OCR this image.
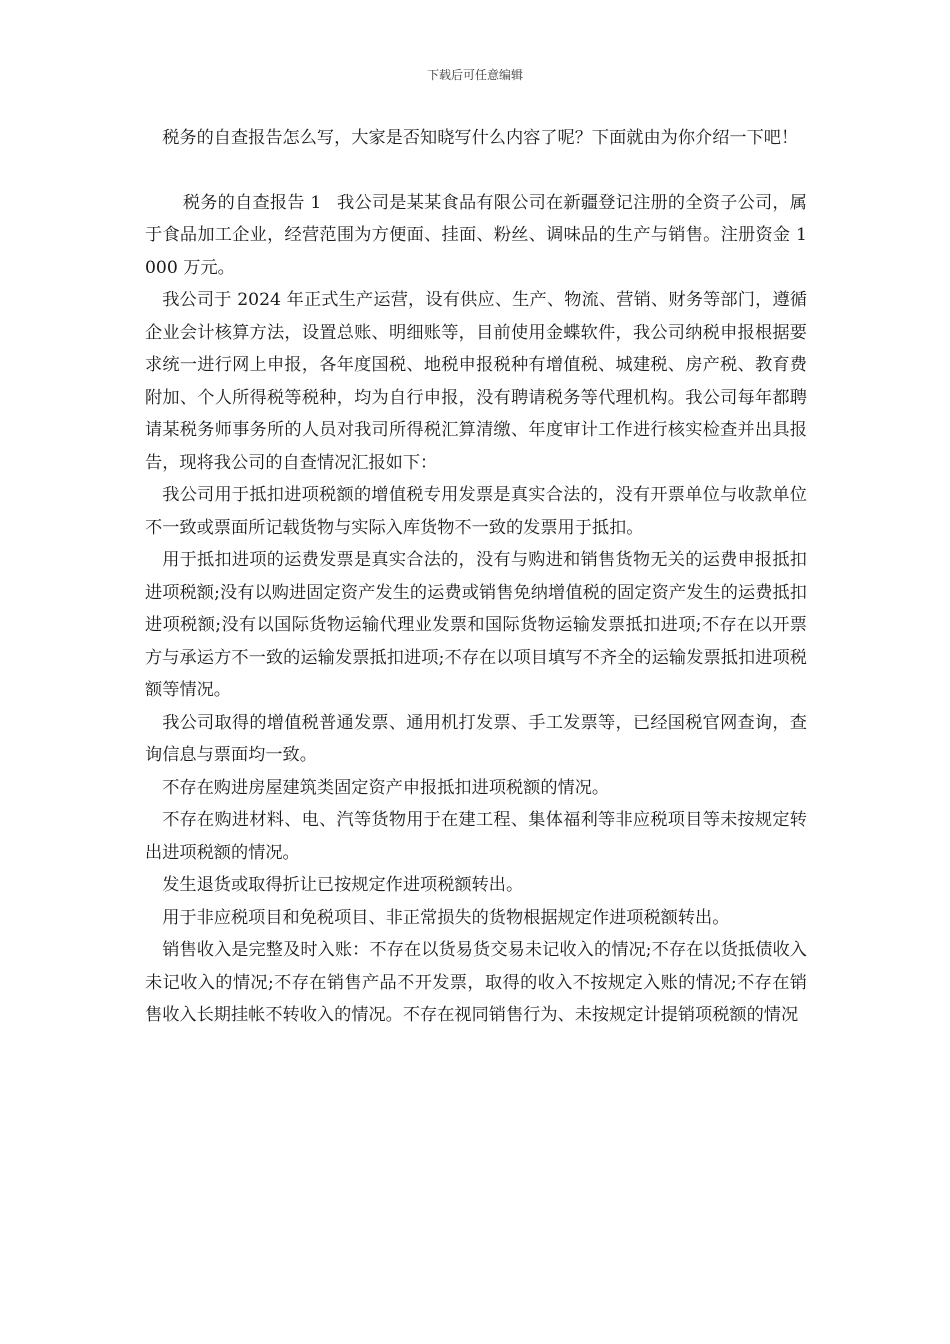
下载后可任意编辑

税务的自查报告怎么写，大家是否知晓写什么内容了呢？下面就由为你介绍一下吧！

税务的自查报告 1 我公司是某某食品有限公司在新疆登记注册的全资子公司，属于食品加工企业，经营范围为方便面、挂面、粉丝、调味品的生产与销售。注册资金 1000 万元。

我公司于 2024 年正式生产运营，设有供应、生产、物流、营销、财务等部门，遵循企业会计核算方法，设置总账、明细账等，目前使用金蝶软件，我公司纳税申报根据要求统一进行网上申报，各年度国税、地税申报税种有增值税、城建税、房产税、教育费附加、个人所得税等税种，均为自行申报，没有聘请税务等代理机构。我公司每年都聘请某税务师事务所的人员对我司所得税汇算清缴、年度审计工作进行核实检查并出具报告，现将我公司的自查情况汇报如下：

我公司用于抵扣进项税额的增值税专用发票是真实合法的，没有开票单位与收款单位不一致或票面所记载货物与实际入库货物不一致的发票用于抵扣。

用于抵扣进项的运费发票是真实合法的，没有与购进和销售货物无关的运费申报抵扣进项税额;没有以购进固定资产发生的运费或销售免纳增值税的固定资产发生的运费抵扣进项税额;没有以国际货物运输代理业发票和国际货物运输发票抵扣进项;不存在以开票方与承运方不一致的运输发票抵扣进项;不存在以项目填写不齐全的运输发票抵扣进项税额等情况。

我公司取得的增值税普通发票、通用机打发票、手工发票等，已经国税官网查询，查询信息与票面均一致。

不存在购进房屋建筑类固定资产申报抵扣进项税额的情况。

不存在购进材料、电、汽等货物用于在建工程、集体福利等非应税项目等未按规定转出进项税额的情况。

发生退货或取得折让已按规定作进项税额转出。

用于非应税项目和免税项目、非正常损失的货物根据规定作进项税额转出。

销售收入是完整及时入账：不存在以货易货交易未记收入的情况;不存在以货抵债收入未记收入的情况;不存在销售产品不开发票，取得的收入不按规定入账的情况;不存在销售收入长期挂帐不转收入的情况。不存在视同销售行为、未按规定计提销项税额的情况
